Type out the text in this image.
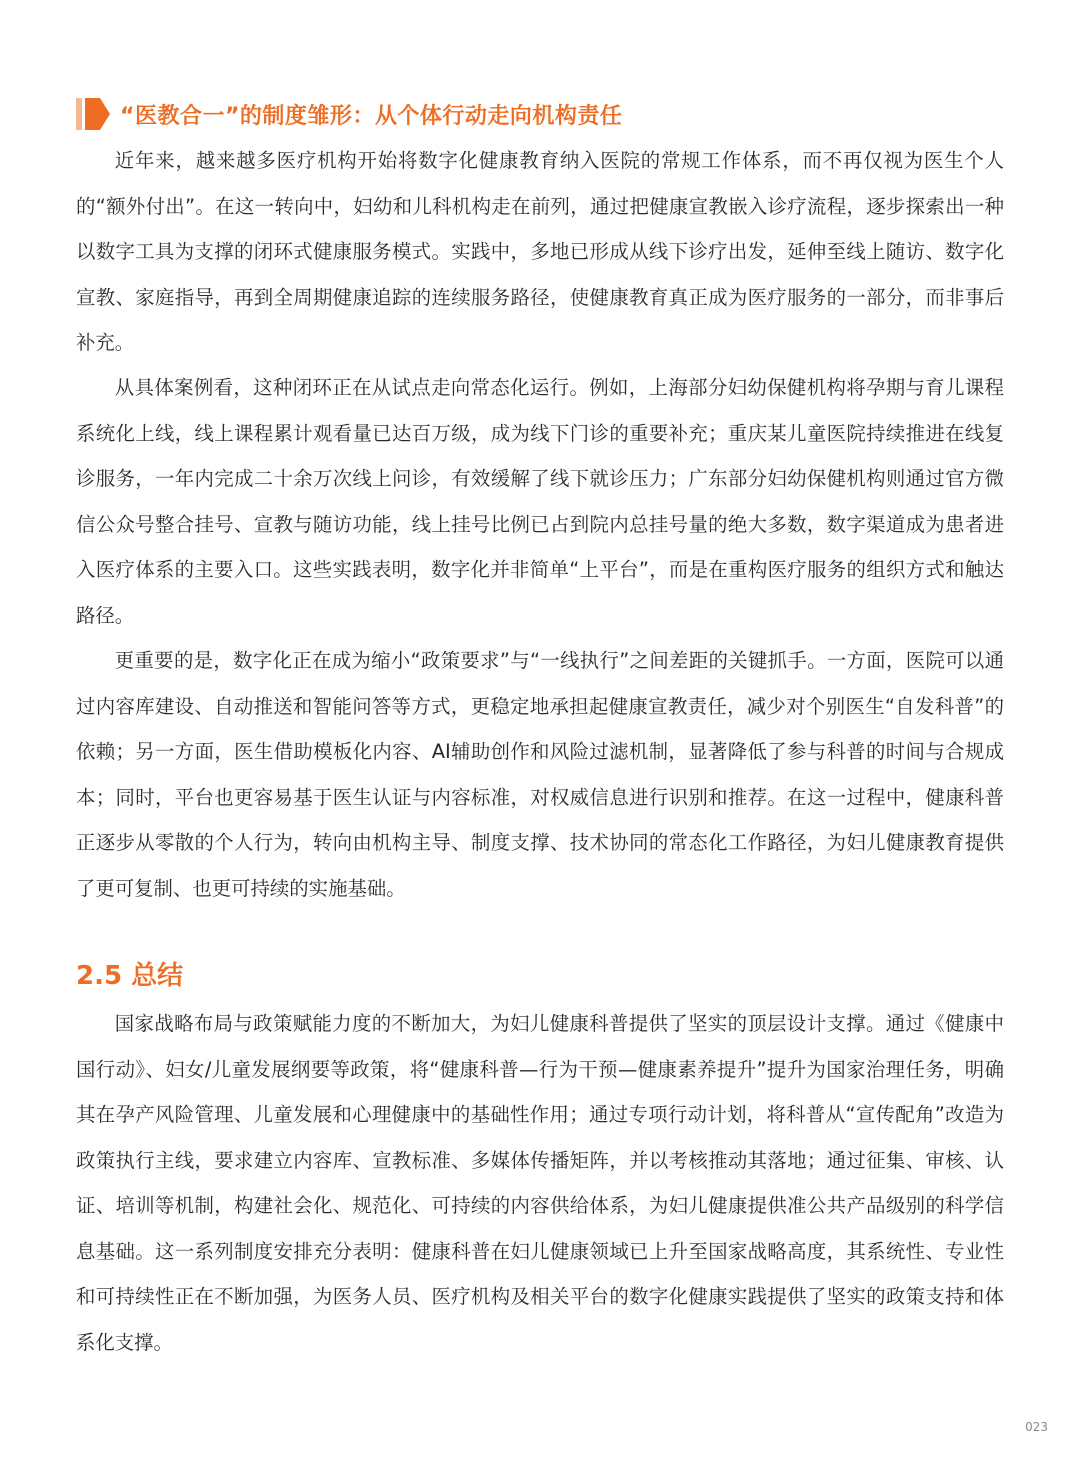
“医教合一”的制度雏形：从个体行动走向机构责任

近年来，越来越多医疗机构开始将数字化健康教育纳入医院的常规工作体系，而不再仅视为医生个人的“额外付出”。在这一转向中，妇幼和儿科机构走在前列，通过把健康宣教嵌入诊疗流程，逐步探索出一种以数字工具为支撑的闭环式健康服务模式。实践中，多地已形成从线下诊疗出发，延伸至线上随访、数字化宣教、家庭指导，再到全周期健康追踪的连续服务路径，使健康教育真正成为医疗服务的一部分，而非事后补充。

从具体案例看，这种闭环正在从试点走向常态化运行。例如，上海部分妇幼保健机构将孕期与育儿课程系统化上线，线上课程累计观看量已达百万级，成为线下门诊的重要补充；重庆某儿童医院持续推进在线复诊服务，一年内完成二十余万次线上问诊，有效缓解了线下就诊压力；广东部分妇幼保健机构则通过官方微信公众号整合挂号、宣教与随访功能，线上挂号比例已占到院内总挂号量的绝大多数，数字渠道成为患者进入医疗体系的主要入口。这些实践表明，数字化并非简单“上平台”，而是在重构医疗服务的组织方式和触达路径。

更重要的是，数字化正在成为缩小“政策要求”与“一线执行”之间差距的关键抓手。一方面，医院可以通过内容库建设、自动推送和智能问答等方式，更稳定地承担起健康宣教责任，减少对个别医生“自发科普”的依赖；另一方面，医生借助模板化内容、AI辅助创作和风险过滤机制，显著降低了参与科普的时间与合规成本；同时，平台也更容易基于医生认证与内容标准，对权威信息进行识别和推荐。在这一过程中，健康科普正逐步从零散的个人行为，转向由机构主导、制度支撑、技术协同的常态化工作路径，为妇儿健康教育提供了更可复制、也更可持续的实施基础。

2.5 总结

国家战略布局与政策赋能力度的不断加大，为妇儿健康科普提供了坚实的顶层设计支撑。通过《健康中国行动》、妇女/儿童发展纲要等政策，将“健康科普—行为干预—健康素养提升”提升为国家治理任务，明确其在孕产风险管理、儿童发展和心理健康中的基础性作用；通过专项行动计划，将科普从“宣传配角”改造为政策执行主线，要求建立内容库、宣教标准、多媒体传播矩阵，并以考核推动其落地；通过征集、审核、认证、培训等机制，构建社会化、规范化、可持续的内容供给体系，为妇儿健康提供准公共产品级别的科学信息基础。这一系列制度安排充分表明：健康科普在妇儿健康领域已上升至国家战略高度，其系统性、专业性和可持续性正在不断加强，为医务人员、医疗机构及相关平台的数字化健康实践提供了坚实的政策支持和体系化支撑。

023
